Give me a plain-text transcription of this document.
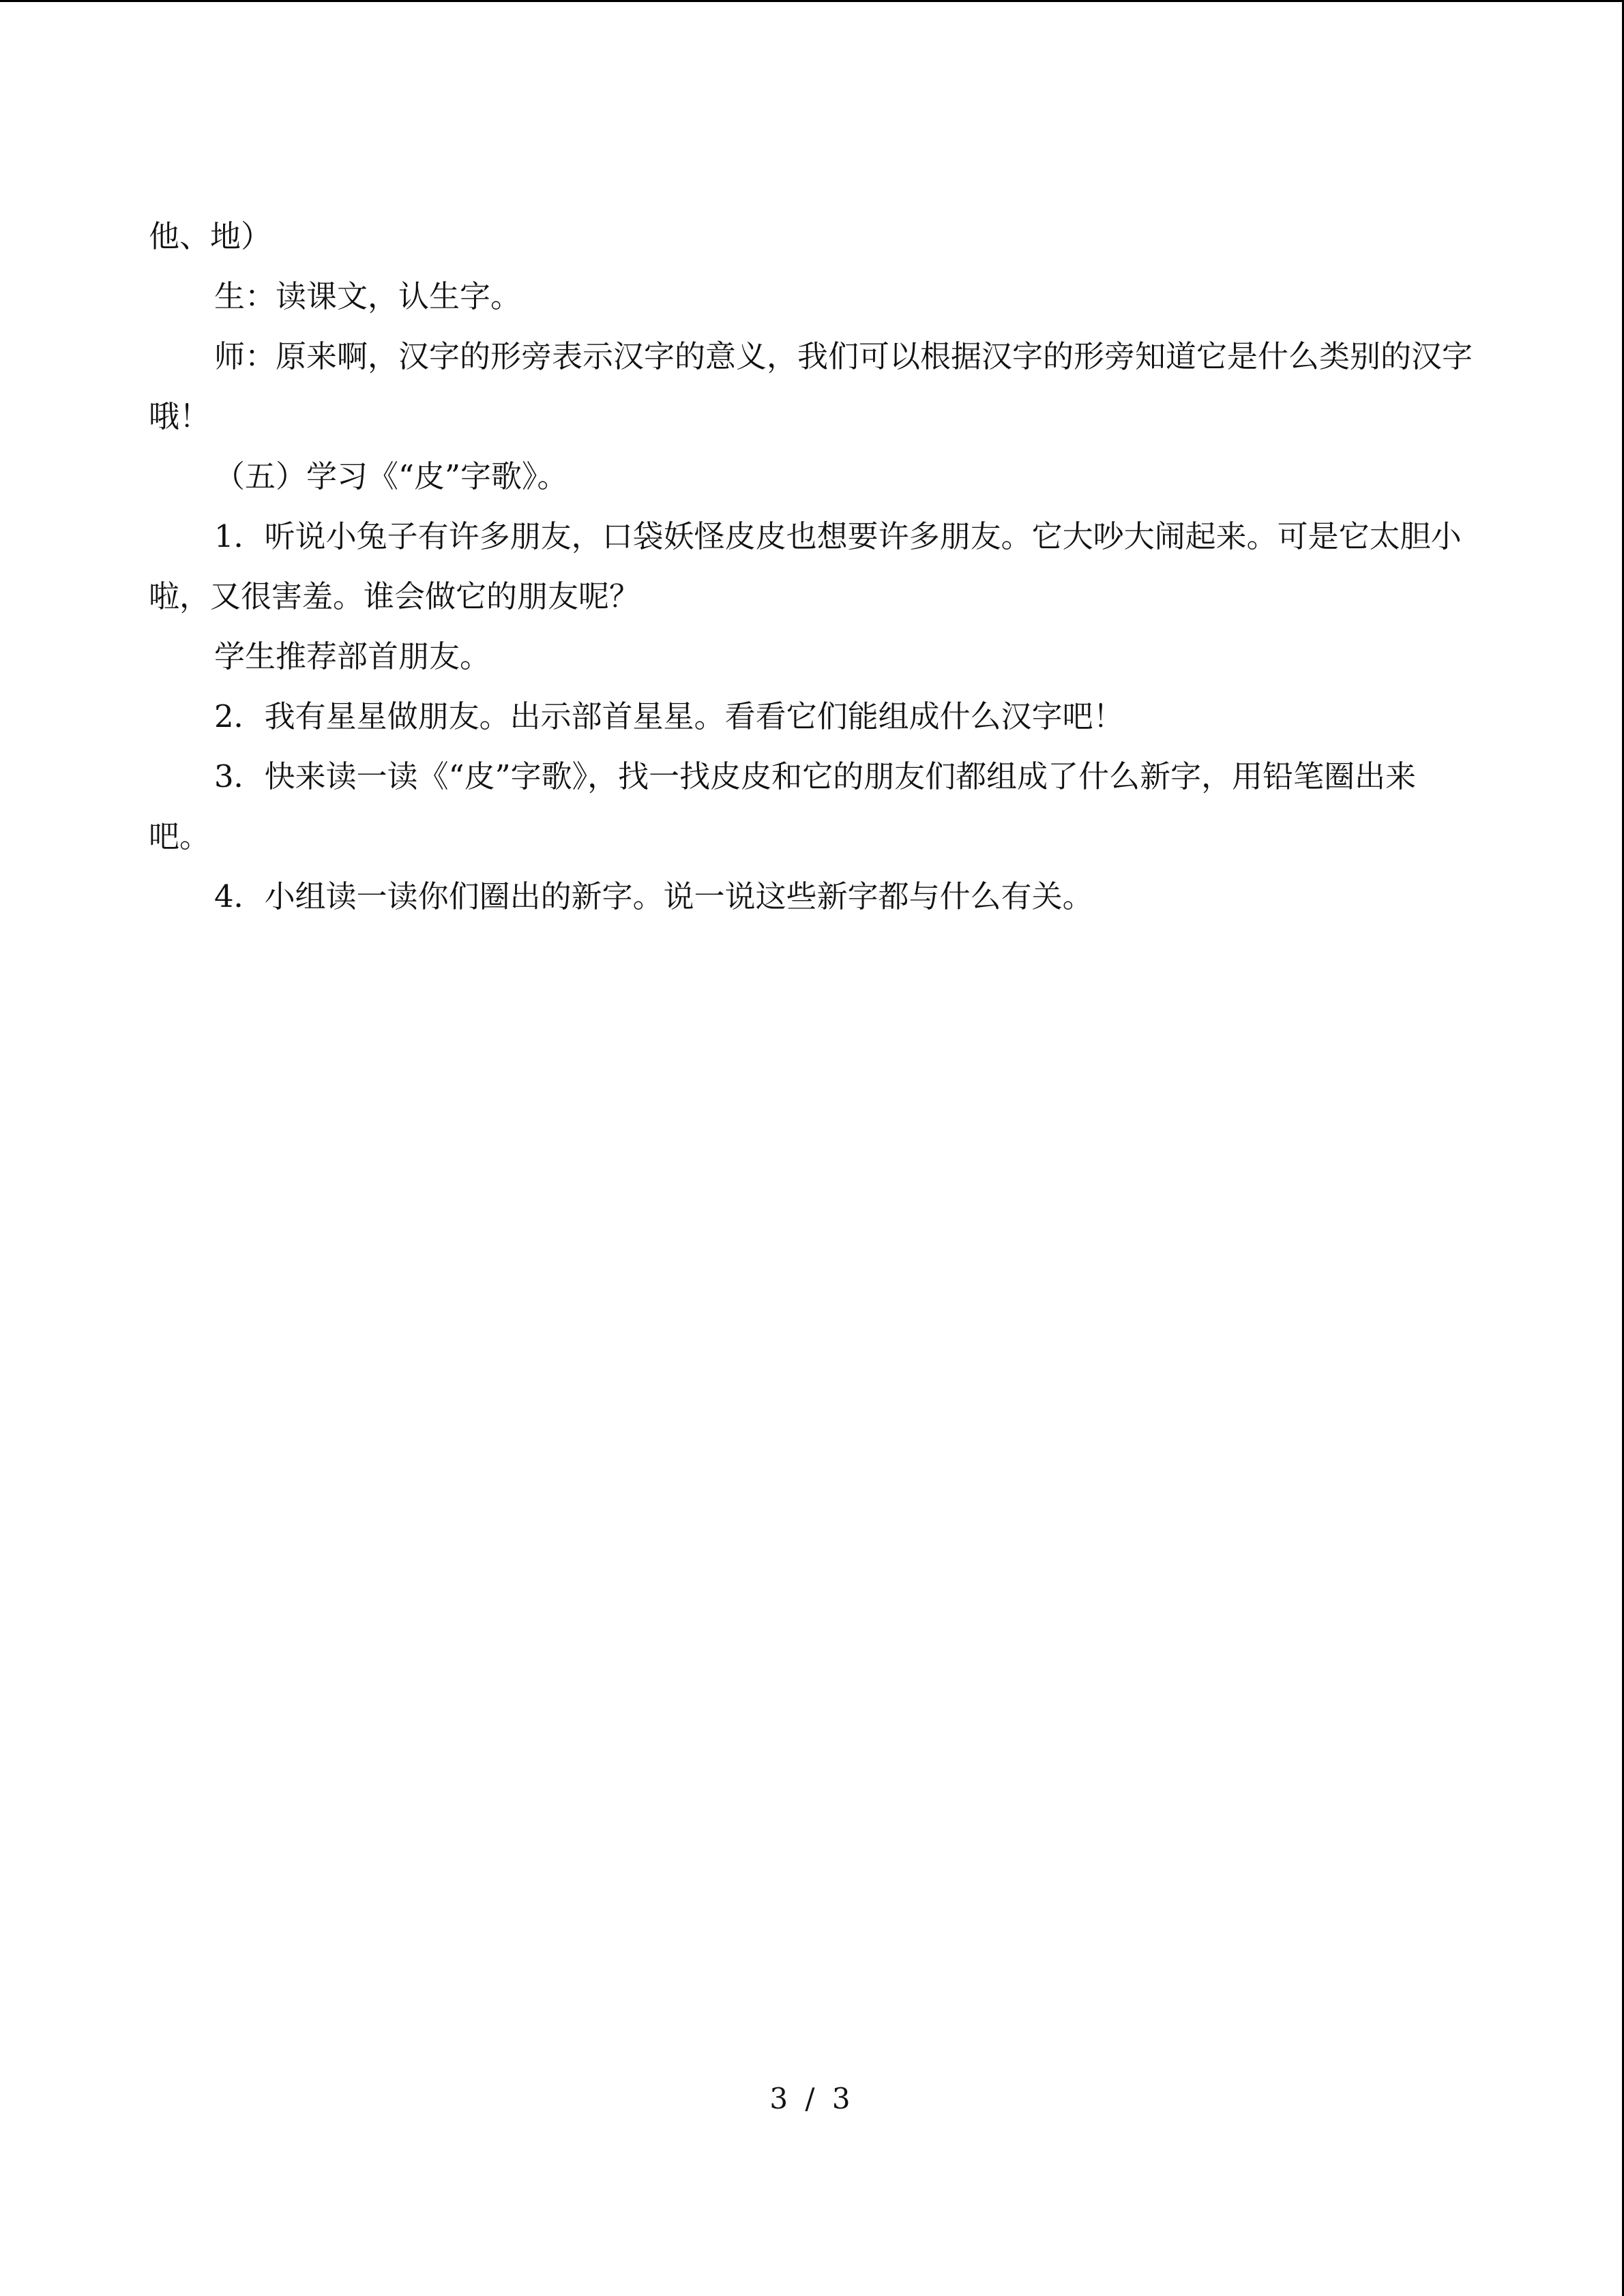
他、地）

生：读课文，认生字。

师：原来啊，汉字的形旁表示汉字的意义，我们可以根据汉字的形旁知道它是什么类别的汉字哦！

（五）学习《“皮”字歌》。

1．听说小兔子有许多朋友，口袋妖怪皮皮也想要许多朋友。它大吵大闹起来。可是它太胆小啦，又很害羞。谁会做它的朋友呢？

学生推荐部首朋友。

2．我有星星做朋友。出示部首星星。看看它们能组成什么汉字吧！

3．快来读一读《“皮”字歌》，找一找皮皮和它的朋友们都组成了什么新字，用铅笔圈出来吧。

4．小组读一读你们圈出的新字。说一说这些新字都与什么有关。

3 / 3
